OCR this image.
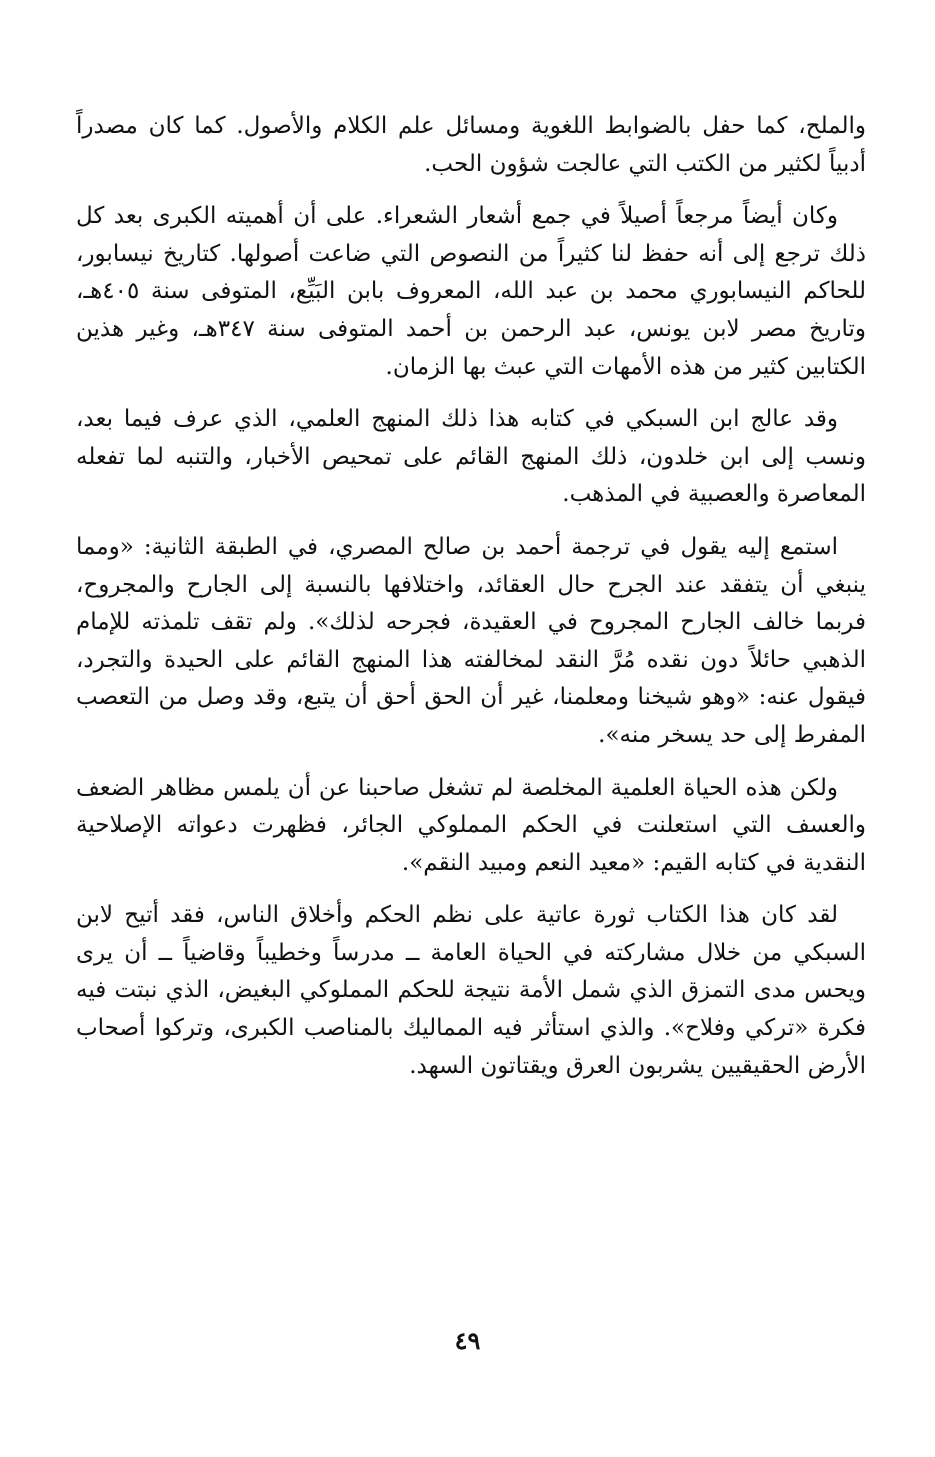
والملح، كما حفل بالضوابط اللغوية ومسائل علم الكلام والأصول. كما كان مصدراً أدبياً لكثير من الكتب التي عالجت شؤون الحب.

وكان أيضاً مرجعاً أصيلاً في جمع أشعار الشعراء. على أن أهميته الكبرى بعد كل ذلك ترجع إلى أنه حفظ لنا كثيراً من النصوص التي ضاعت أصولها. كتاريخ نيسابور، للحاكم النيسابوري محمد بن عبد الله، المعروف بابن البَيِّع، المتوفى سنة ٤٠٥هـ، وتاريخ مصر لابن يونس، عبد الرحمن بن أحمد المتوفى سنة ٣٤٧هـ، وغير هذين الكتابين كثير من هذه الأمهات التي عبث بها الزمان.

وقد عالج ابن السبكي في كتابه هذا ذلك المنهج العلمي، الذي عرف فيما بعد، ونسب إلى ابن خلدون، ذلك المنهج القائم على تمحيص الأخبار، والتنبه لما تفعله المعاصرة والعصبية في المذهب.

استمع إليه يقول في ترجمة أحمد بن صالح المصري، في الطبقة الثانية: «ومما ينبغي أن يتفقد عند الجرح حال العقائد، واختلافها بالنسبة إلى الجارح والمجروح، فربما خالف الجارح المجروح في العقيدة، فجرحه لذلك». ولم تقف تلمذته للإمام الذهبي حائلاً دون نقده مُرَّ النقد لمخالفته هذا المنهج القائم على الحيدة والتجرد، فيقول عنه: «وهو شيخنا ومعلمنا، غير أن الحق أحق أن يتبع، وقد وصل من التعصب المفرط إلى حد يسخر منه».

ولكن هذه الحياة العلمية المخلصة لم تشغل صاحبنا عن أن يلمس مظاهر الضعف والعسف التي استعلنت في الحكم المملوكي الجائر، فظهرت دعواته الإصلاحية النقدية في كتابه القيم: «معيد النعم ومبيد النقم».

لقد كان هذا الكتاب ثورة عاتية على نظم الحكم وأخلاق الناس، فقد أتيح لابن السبكي من خلال مشاركته في الحياة العامة ــ مدرساً وخطيباً وقاضياً ــ أن يرى ويحس مدى التمزق الذي شمل الأمة نتيجة للحكم المملوكي البغيض، الذي نبتت فيه فكرة «تركي وفلاح». والذي استأثر فيه المماليك بالمناصب الكبرى، وتركوا أصحاب الأرض الحقيقيين يشربون العرق ويقتاتون السهد.

٤٩
